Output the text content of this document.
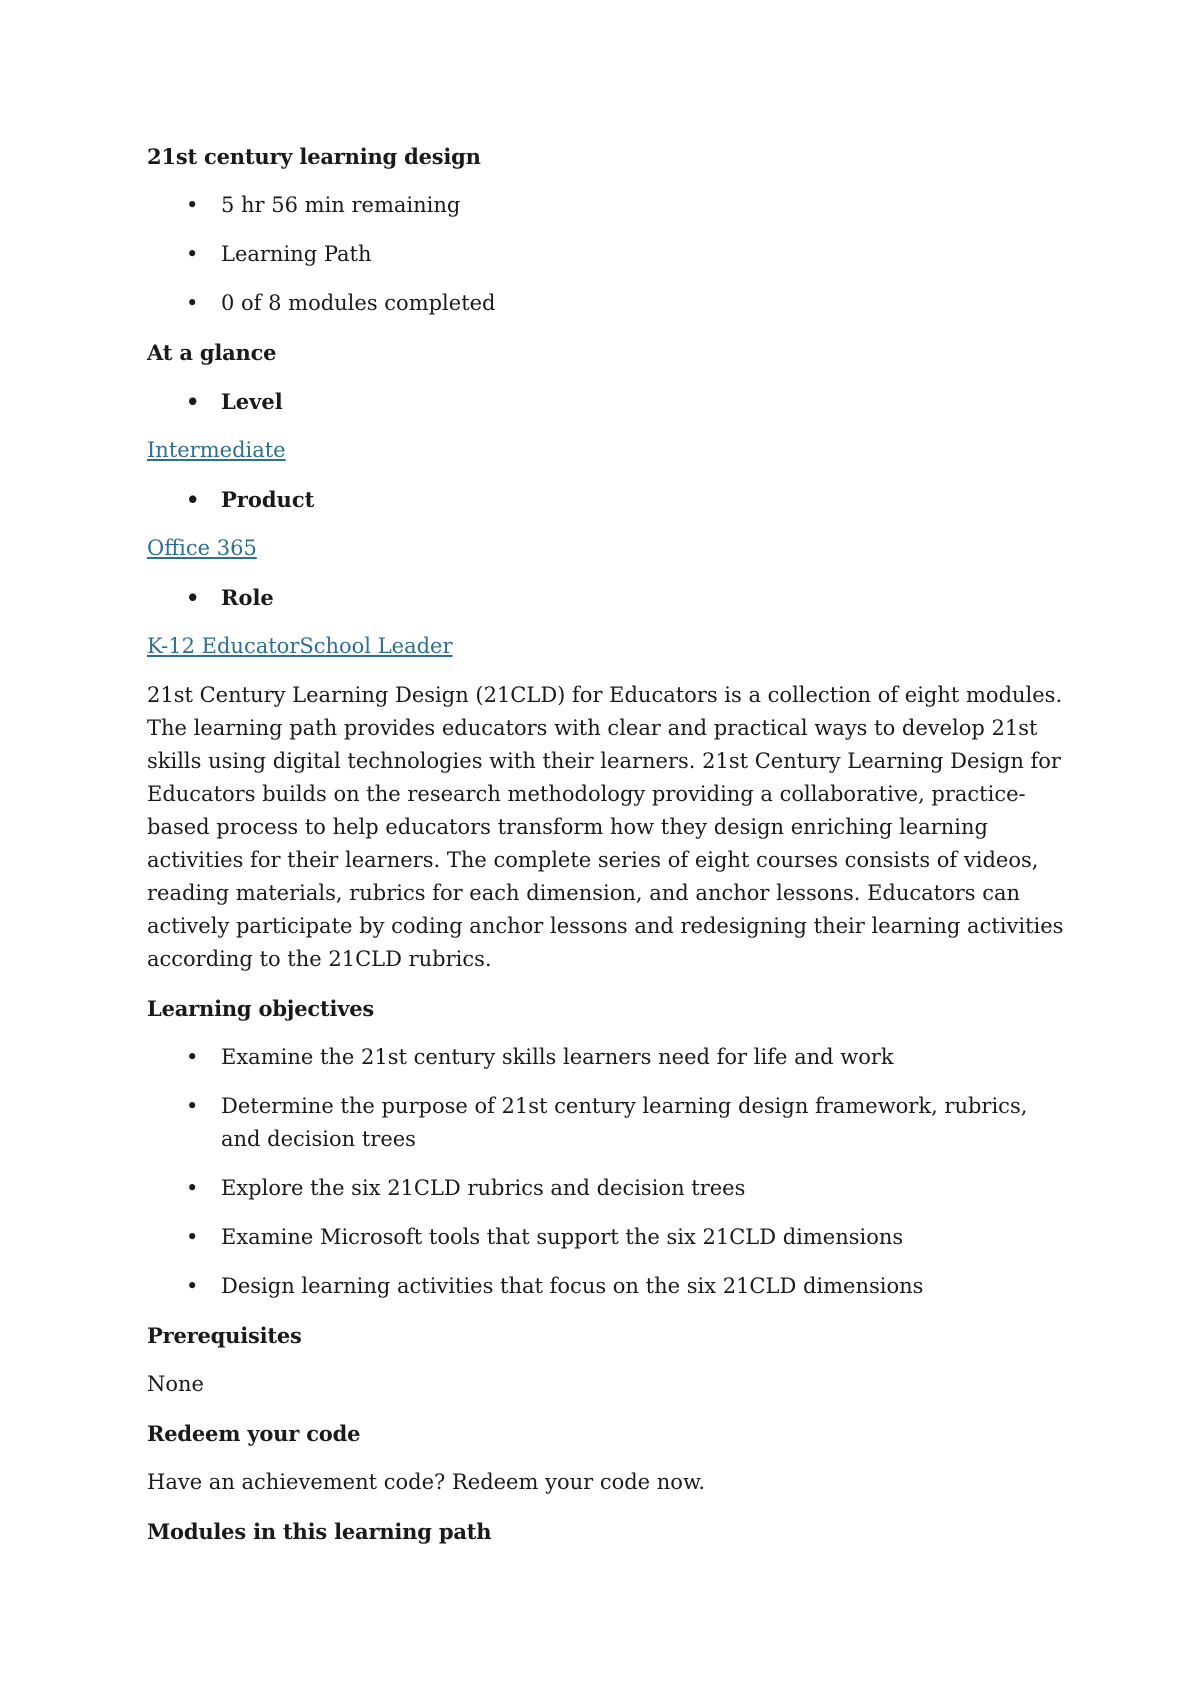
21st century learning design
• 5 hr 56 min remaining
• Learning Path
• 0 of 8 modules completed
At a glance
• Level
Intermediate
• Product
Office 365
• Role
K-12 EducatorSchool Leader

21st Century Learning Design (21CLD) for Educators is a collection of eight modules. The learning path provides educators with clear and practical ways to develop 21st skills using digital technologies with their learners. 21st Century Learning Design for Educators builds on the research methodology providing a collaborative, practice-based process to help educators transform how they design enriching learning activities for their learners. The complete series of eight courses consists of videos, reading materials, rubrics for each dimension, and anchor lessons. Educators can actively participate by coding anchor lessons and redesigning their learning activities according to the 21CLD rubrics.

Learning objectives
• Examine the 21st century skills learners need for life and work
• Determine the purpose of 21st century learning design framework, rubrics, and decision trees
• Explore the six 21CLD rubrics and decision trees
• Examine Microsoft tools that support the six 21CLD dimensions
• Design learning activities that focus on the six 21CLD dimensions
Prerequisites

None

Redeem your code

Have an achievement code? Redeem your code now.

Modules in this learning path
